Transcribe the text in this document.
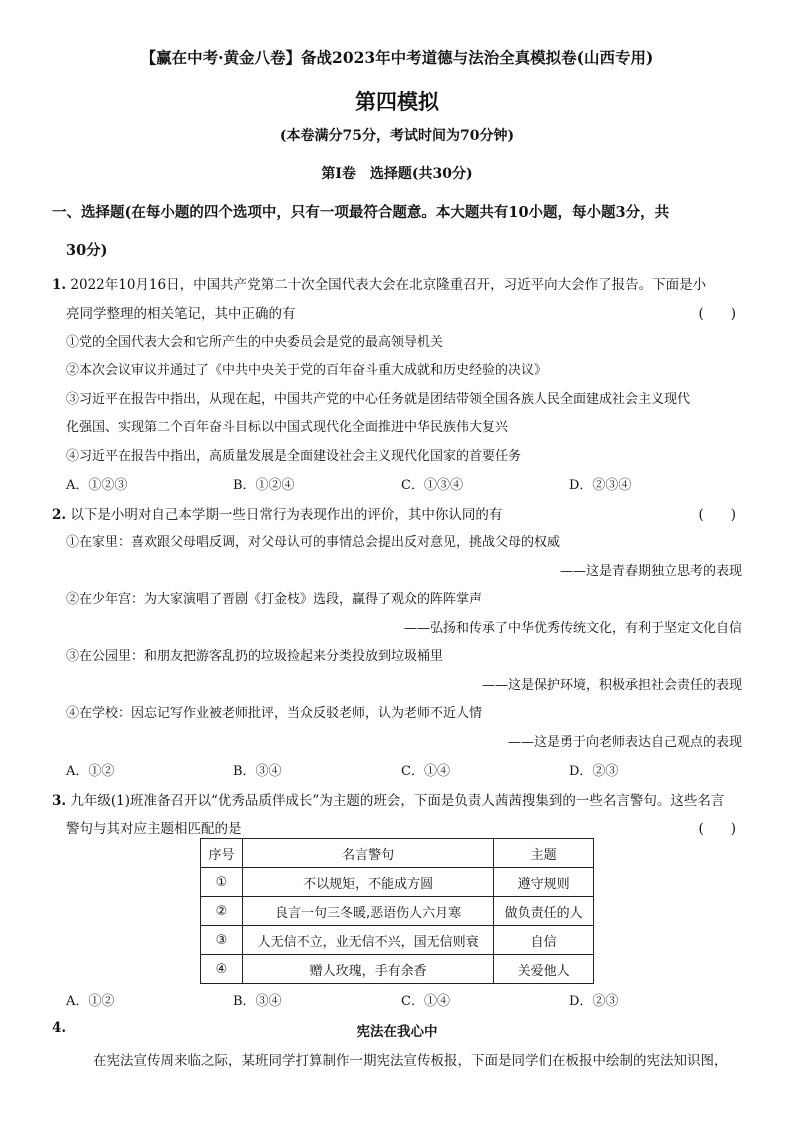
【赢在中考·黄金八卷】备战2023年中考道德与法治全真模拟卷(山西专用)
第四模拟
(本卷满分75分，考试时间为70分钟)
第Ⅰ卷　选择题(共30分)
一、选择题(在每小题的四个选项中，只有一项最符合题意。本大题共有10小题，每小题3分，共
30分)
1. 2022年10月16日，中国共产党第二十次全国代表大会在北京隆重召开，习近平向大会作了报告。下面是小
亮同学整理的相关笔记，其中正确的有	(　　)
①党的全国代表大会和它所产生的中央委员会是党的最高领导机关
②本次会议审议并通过了《中共中央关于党的百年奋斗重大成就和历史经验的决议》
③习近平在报告中指出，从现在起，中国共产党的中心任务就是团结带领全国各族人民全面建成社会主义现代
化强国、实现第二个百年奋斗目标以中国式现代化全面推进中华民族伟大复兴
④习近平在报告中指出，高质量发展是全面建设社会主义现代化国家的首要任务
A．①②③	B．①②④	C．①③④	D．②③④
2. 以下是小明对自己本学期一些日常行为表现作出的评价，其中你认同的有	(　　)
①在家里：喜欢跟父母唱反调，对父母认可的事情总会提出反对意见，挑战父母的权威
——这是青春期独立思考的表现
②在少年宫：为大家演唱了晋剧《打金枝》选段，赢得了观众的阵阵掌声
——弘扬和传承了中华优秀传统文化，有利于坚定文化自信
③在公园里：和朋友把游客乱扔的垃圾捡起来分类投放到垃圾桶里
——这是保护环境，积极承担社会责任的表现
④在学校：因忘记写作业被老师批评，当众反驳老师，认为老师不近人情
——这是勇于向老师表达自己观点的表现
A．①②	B．③④	C．①④	D．②③
3. 九年级(1)班准备召开以“优秀品质伴成长”为主题的班会，下面是负责人茜茜搜集到的一些名言警句。这些名言
警句与其对应主题相匹配的是	(　　)
序号	名言警句	主题
①	不以规矩，不能成方圆	遵守规则
②	良言一句三冬暖,恶语伤人六月寒	做负责任的人
③	人无信不立，业无信不兴，国无信则衰	自信
④	赠人玫瑰，手有余香	关爱他人
A．①②	B．③④	C．①④	D．②③
4.	宪法在我心中
在宪法宣传周来临之际，某班同学打算制作一期宪法宣传板报，下面是同学们在板报中绘制的宪法知识图，
